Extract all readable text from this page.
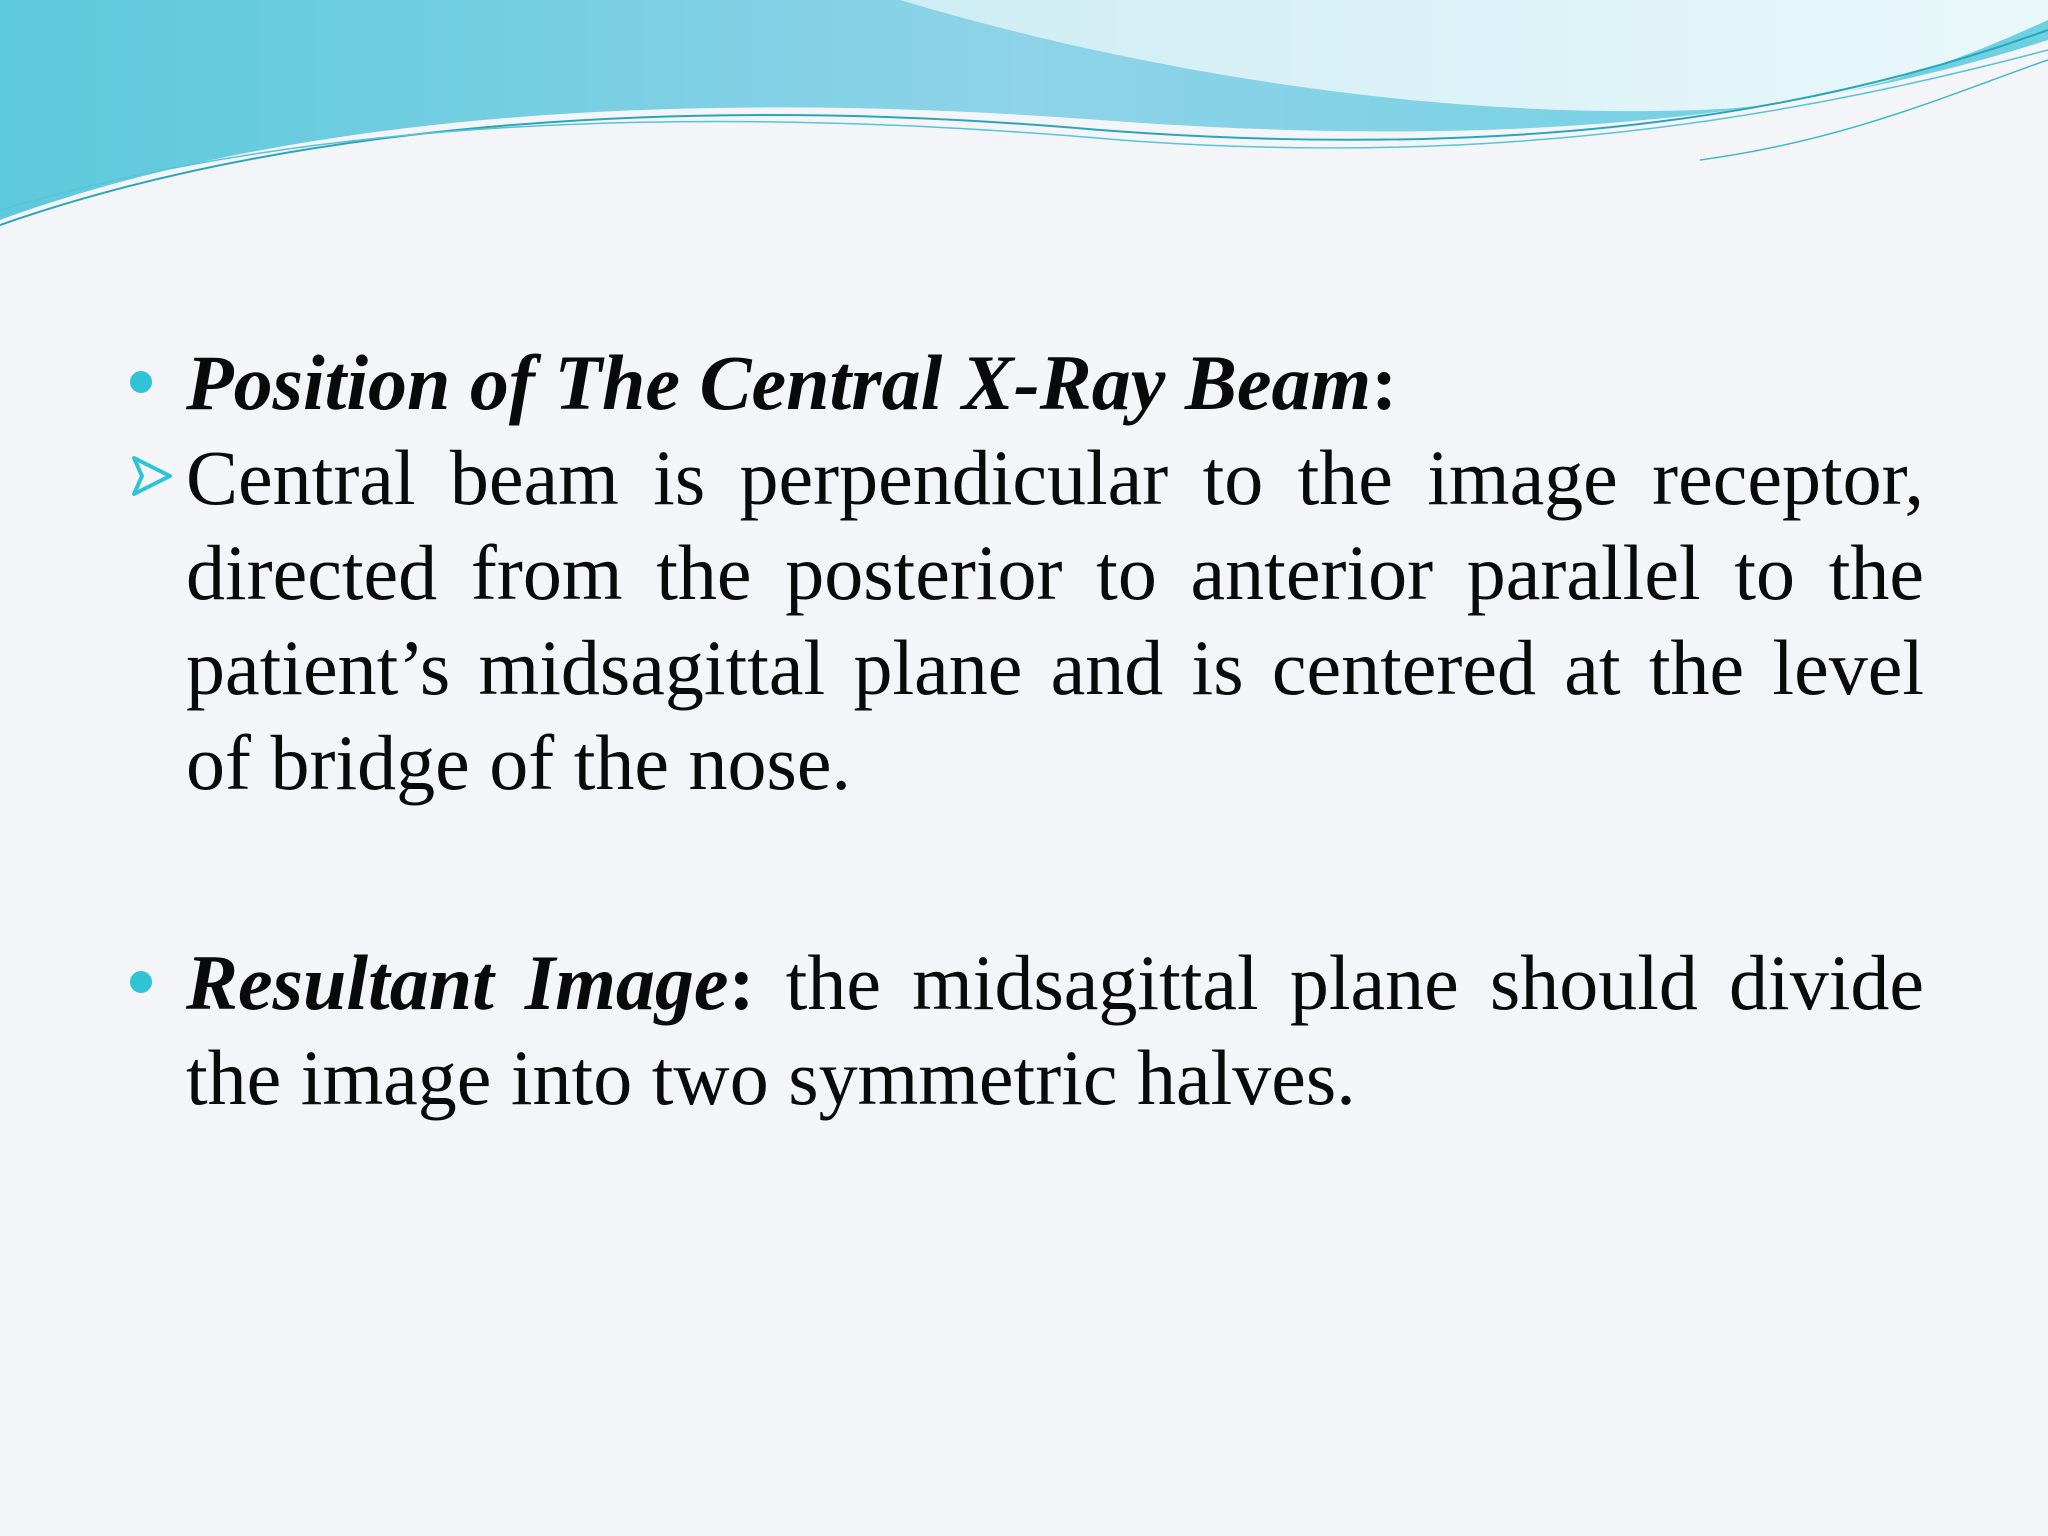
Position of The Central X-Ray Beam:
Central beam is perpendicular to the image receptor, directed from the posterior to anterior parallel to the patient’s midsagittal plane and is centered at the level of bridge of the nose.
Resultant Image: the midsagittal plane should divide the image into two symmetric halves.
